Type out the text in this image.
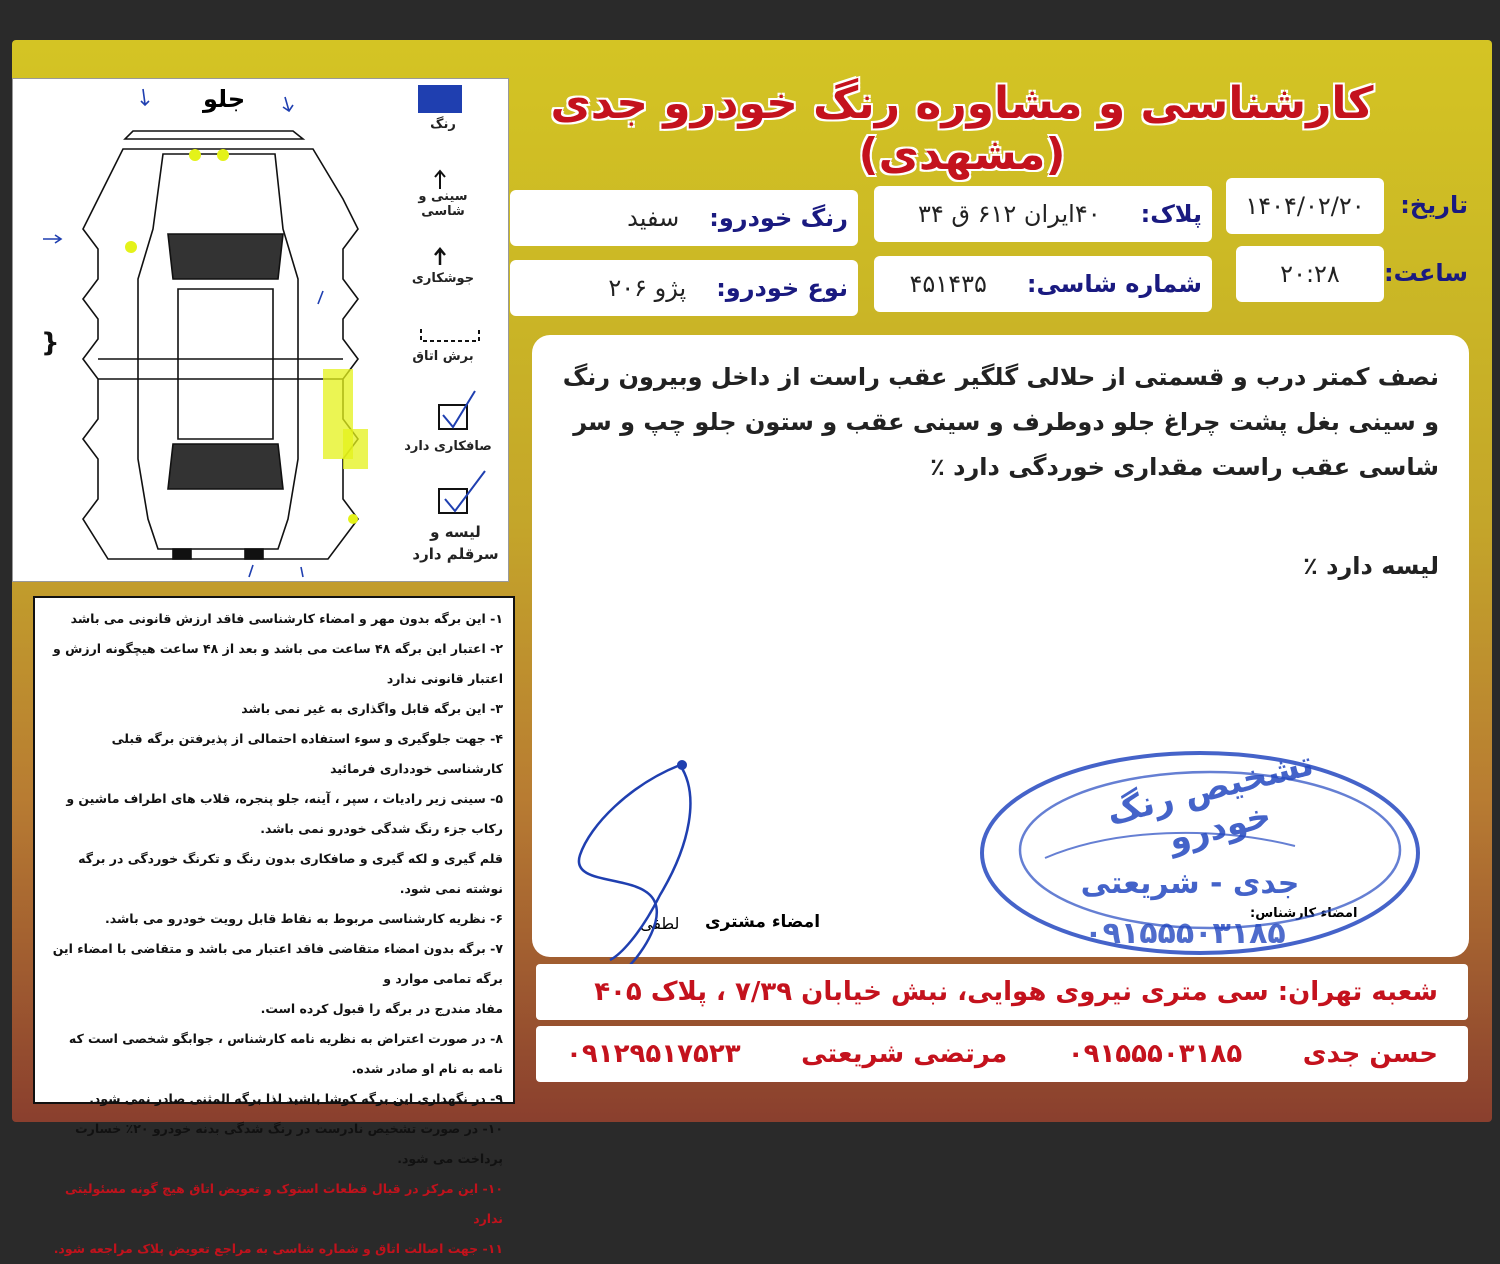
کارشناسی و مشاوره رنگ خودرو جدی (مشهدی)
۱۴۰۴/۰۲/۲۰ تاریخ:
۲۰:۲۸ ساعت:
پلاک:
۴۰ایران ۶۱۲ ق ۳۴
شماره شاسی:
۴۵۱۴۳۵
رنگ خودرو:
سفید
نوع خودرو:
پژو ۲۰۶
جلو
}
رنگ
سینی و شاسی
جوشکاری
برش اتاق
صافکاری دارد
لیسه و سرقلم دارد
۱- این برگه بدون مهر و امضاء کارشناسی فاقد ارزش قانونی می باشد
۲- اعتبار این برگه ۴۸ ساعت می باشد و بعد از ۴۸ ساعت هیچگونه ارزش و اعتبار قانونی ندارد
۳- این برگه قابل واگذاری به غیر نمی باشد
۴- جهت جلوگیری و سوء استفاده احتمالی از پذیرفتن برگه قبلی کارشناسی خودداری فرمائید
۵- سینی زیر رادیات ، سپر ، آینه، جلو پنجره، قلاب های اطراف ماشین و رکاب جزء رنگ شدگی خودرو نمی باشد.
قلم گیری و لکه گیری و صافکاری بدون رنگ و تکرنگ خوردگی در برگه نوشته نمی شود.
۶- نظریه کارشناسی مربوط به نقاط قابل رویت خودرو می باشد.
۷- برگه بدون امضاء متقاضی فاقد اعتبار می باشد و متقاضی با امضاء این برگه تمامی موارد و
مفاد مندرج در برگه را قبول کرده است.
۸- در صورت اعتراض به نظریه نامه کارشناس ، جوابگو شخصی است که نامه به نام او صادر شده.
۹- در نگهداری این برگه کوشا باشید لذا برگه المثنی صادر نمی شود.
۱۰- در صورت تشخیص نادرست در رنگ شدگی بدنه خودرو ۲۰٪ خسارت پرداخت می شود.
۱۰- این مرکز در قبال قطعات استوک و تعویض اتاق هیچ گونه مسئولیتی ندارد
۱۱- جهت اصالت اتاق و شماره شاسی به مراجع تعویض پلاک مراجعه شود.

نصف کمتر درب و قسمتی از حلالی گلگیر عقب راست از داخل وبیرون رنگ

و سینی بغل پشت چراغ جلو دوطرف و سینی عقب و ستون جلو چپ و سر

شاسی عقب راست مقداری خوردگی دارد ٪

لیسه دارد ٪

امضاء مشتری
لطفی
امضاء کارشناس:
تشخیص رنگ خودرو
جدی - شریعتی
۰۹۱۵۵۵۰۳۱۸۵
شعبه تهران: سی متری نیروی هوایی، نبش خیابان ۷/۳۹ ، پلاک ۴۰۵
حسن جدی
۰۹۱۵۵۵۰۳۱۸۵
مرتضی شریعتی
۰۹۱۲۹۵۱۷۵۲۳
